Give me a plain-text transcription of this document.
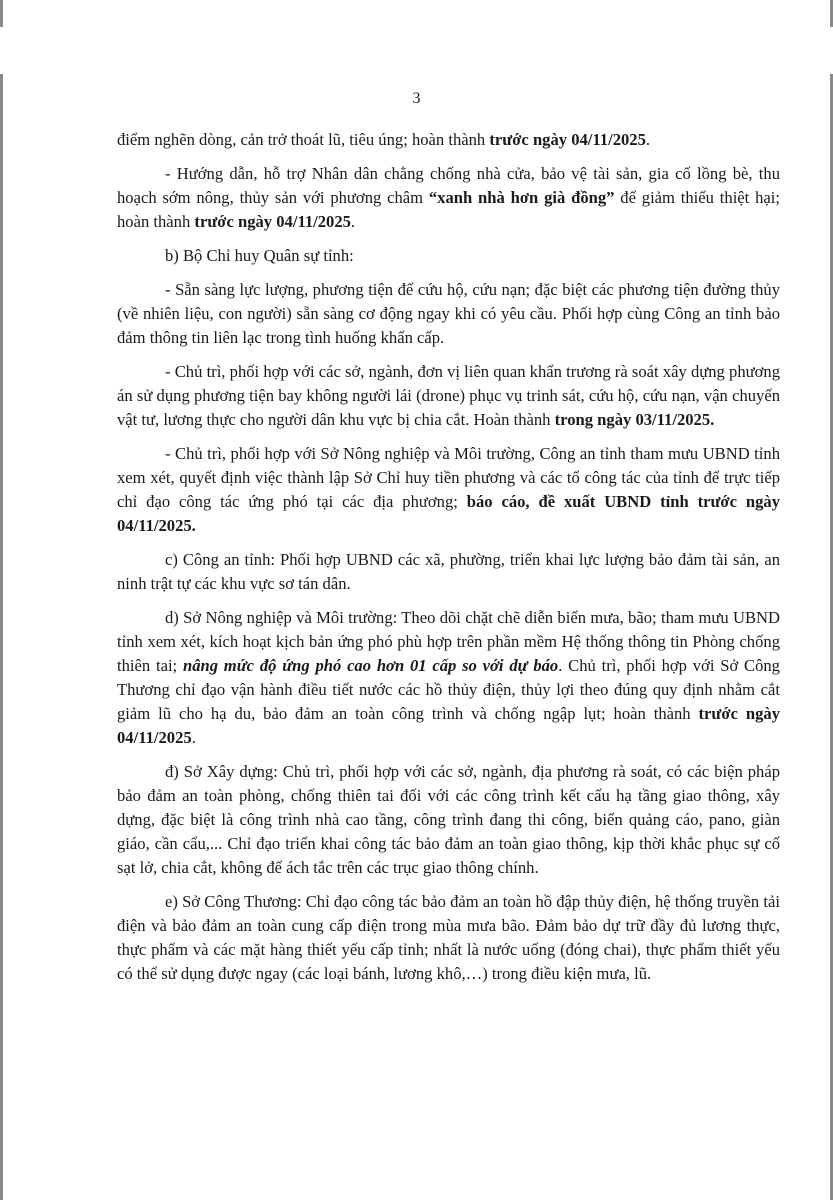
3

điểm nghẽn dòng, cản trở thoát lũ, tiêu úng; hoàn thành trước ngày 04/11/2025.

- Hướng dẫn, hỗ trợ Nhân dân chằng chống nhà cửa, bảo vệ tài sản, gia cố lồng bè, thu hoạch sớm nông, thủy sản với phương châm “xanh nhà hơn già đồng” để giảm thiểu thiệt hại; hoàn thành trước ngày 04/11/2025.

b) Bộ Chỉ huy Quân sự tỉnh:

- Sẵn sàng lực lượng, phương tiện để cứu hộ, cứu nạn; đặc biệt các phương tiện đường thủy (về nhiên liệu, con người) sẵn sàng cơ động ngay khi có yêu cầu. Phối hợp cùng Công an tỉnh bảo đảm thông tin liên lạc trong tình huống khẩn cấp.

- Chủ trì, phối hợp với các sở, ngành, đơn vị liên quan khẩn trương rà soát xây dựng phương án sử dụng phương tiện bay không người lái (drone) phục vụ trinh sát, cứu hộ, cứu nạn, vận chuyển vật tư, lương thực cho người dân khu vực bị chia cắt. Hoàn thành trong ngày 03/11/2025.

- Chủ trì, phối hợp với Sở Nông nghiệp và Môi trường, Công an tỉnh tham mưu UBND tỉnh xem xét, quyết định việc thành lập Sở Chỉ huy tiền phương và các tổ công tác của tỉnh để trực tiếp chỉ đạo công tác ứng phó tại các địa phương; báo cáo, đề xuất UBND tỉnh trước ngày 04/11/2025.

c) Công an tỉnh: Phối hợp UBND các xã, phường, triển khai lực lượng bảo đảm tài sản, an ninh trật tự các khu vực sơ tán dân.

d) Sở Nông nghiệp và Môi trường: Theo dõi chặt chẽ diễn biến mưa, bão; tham mưu UBND tỉnh xem xét, kích hoạt kịch bản ứng phó phù hợp trên phần mềm Hệ thống thông tin Phòng chống thiên tai; nâng mức độ ứng phó cao hơn 01 cấp so với dự báo. Chủ trì, phối hợp với Sở Công Thương chỉ đạo vận hành điều tiết nước các hồ thủy điện, thủy lợi theo đúng quy định nhằm cắt giảm lũ cho hạ du, bảo đảm an toàn công trình và chống ngập lụt; hoàn thành trước ngày 04/11/2025.

đ) Sở Xây dựng: Chủ trì, phối hợp với các sở, ngành, địa phương rà soát, có các biện pháp bảo đảm an toàn phòng, chống thiên tai đối với các công trình kết cấu hạ tầng giao thông, xây dựng, đặc biệt là công trình nhà cao tầng, công trình đang thi công, biển quảng cáo, pano, giàn giáo, cần cẩu,... Chỉ đạo triển khai công tác bảo đảm an toàn giao thông, kịp thời khắc phục sự cố sạt lở, chia cắt, không để ách tắc trên các trục giao thông chính.

e) Sở Công Thương: Chỉ đạo công tác bảo đảm an toàn hồ đập thủy điện, hệ thống truyền tải điện và bảo đảm an toàn cung cấp điện trong mùa mưa bão. Đảm bảo dự trữ đầy đủ lương thực, thực phẩm và các mặt hàng thiết yếu cấp tỉnh; nhất là nước uống (đóng chai), thực phẩm thiết yếu có thể sử dụng được ngay (các loại bánh, lương khô,…) trong điều kiện mưa, lũ.
